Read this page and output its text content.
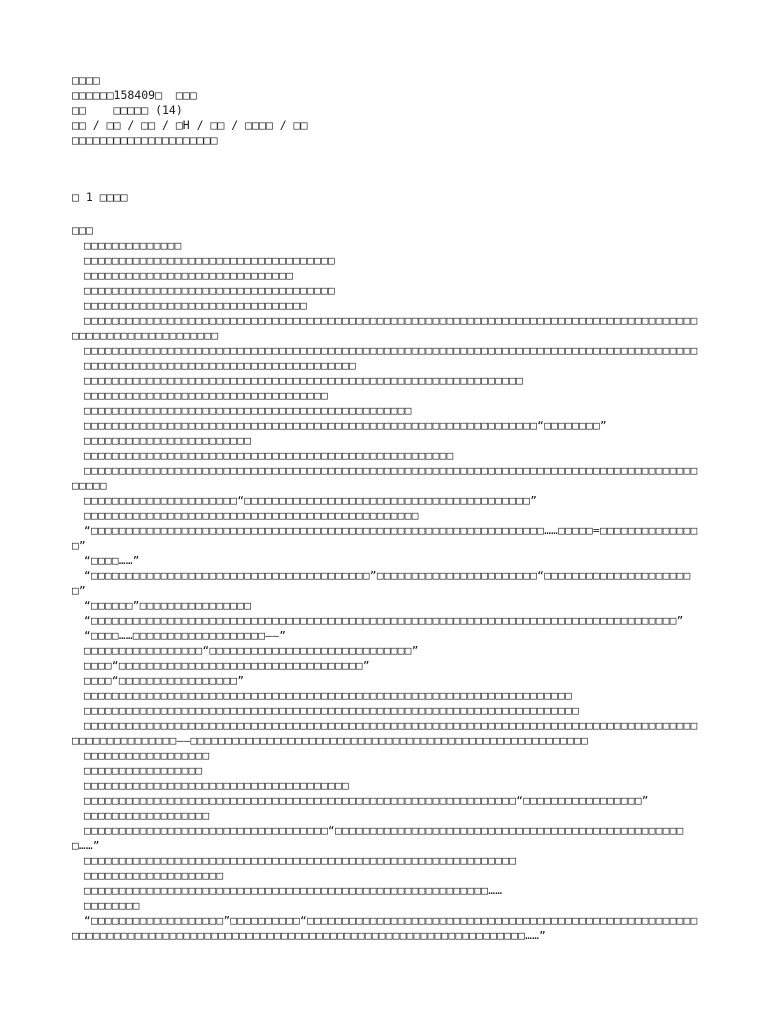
□□□□
□□□□□□158409□  □□□
□□    □□□□□ (14)
□□ / □□ / □□ / □H / □□ / □□□□ / □□
□□□□□□□□□□□□□□□□□□□□□
□ 1 □□□□
□□□
□□□□□□□□□□□□□□
□□□□□□□□□□□□□□□□□□□□□□□□□□□□□□□□□□□□
□□□□□□□□□□□□□□□□□□□□□□□□□□□□□□
□□□□□□□□□□□□□□□□□□□□□□□□□□□□□□□□□□□□
□□□□□□□□□□□□□□□□□□□□□□□□□□□□□□□□
□□□□□□□□□□□□□□□□□□□□□□□□□□□□□□□□□□□□□□□□□□□□□□□□□□□□□□□□□□□□□□□□□□□□□□□□□□□□□□□□□□□□□□□□□□□□□□□□□□□□□□□□□□□□□
□□□□□□□□□□□□□□□□□□□□□□□□□□□□□□□□□□□□□□□□□□□□□□□□□□□□□□□□□□□□□□□□□□□□□□□□□□□□□□□□□□□□□□□□
□□□□□□□□□□□□□□□□□□□□□□□□□□□□□□□□□□□□□□□
□□□□□□□□□□□□□□□□□□□□□□□□□□□□□□□□□□□□□□□□□□□□□□□□□□□□□□□□□□□□□□□
□□□□□□□□□□□□□□□□□□□□□□□□□□□□□□□□□□□
□□□□□□□□□□□□□□□□□□□□□□□□□□□□□□□□□□□□□□□□□□□□□□□
□□□□□□□□□□□□□□□□□□□□□□□□□□□□□□□□□□□□□□□□□□□□□□□□□□□□□□□□□□□□□□□□□“□□□□□□□□”
□□□□□□□□□□□□□□□□□□□□□□□□
□□□□□□□□□□□□□□□□□□□□□□□□□□□□□□□□□□□□□□□□□□□□□□□□□□□□□
□□□□□□□□□□□□□□□□□□□□□□□□□□□□□□□□□□□□□□□□□□□□□□□□□□□□□□□□□□□□□□□□□□□□□□□□□□□□□□□□□□□□□□□□□□□□□
□□□□□□□□□□□□□□□□□□□□□□“□□□□□□□□□□□□□□□□□□□□□□□□□□□□□□□□□□□□□□□□□”
□□□□□□□□□□□□□□□□□□□□□□□□□□□□□□□□□□□□□□□□□□□□□□□□
“□□□□□□□□□□□□□□□□□□□□□□□□□□□□□□□□□□□□□□□□□□□□□□□□□□□□□□□□□□□□□□□□□……□□□□□=□□□□□□□□□□□□□□□”
“□□□□……”
“□□□□□□□□□□□□□□□□□□□□□□□□□□□□□□□□□□□□□□□□”□□□□□□□□□□□□□□□□□□□□□□□“□□□□□□□□□□□□□□□□□□□□□□”
“□□□□□□”□□□□□□□□□□□□□□□□
“□□□□□□□□□□□□□□□□□□□□□□□□□□□□□□□□□□□□□□□□□□□□□□□□□□□□□□□□□□□□□□□□□□□□□□□□□□□□□□□□□□□□”
“□□□□……□□□□□□□□□□□□□□□□□□□——”
□□□□□□□□□□□□□□□□□“□□□□□□□□□□□□□□□□□□□□□□□□□□□□□”
□□□□“□□□□□□□□□□□□□□□□□□□□□□□□□□□□□□□□□□□”
□□□□“□□□□□□□□□□□□□□□□□”
□□□□□□□□□□□□□□□□□□□□□□□□□□□□□□□□□□□□□□□□□□□□□□□□□□□□□□□□□□□□□□□□□□□□□□
□□□□□□□□□□□□□□□□□□□□□□□□□□□□□□□□□□□□□□□□□□□□□□□□□□□□□□□□□□□□□□□□□□□□□□□
□□□□□□□□□□□□□□□□□□□□□□□□□□□□□□□□□□□□□□□□□□□□□□□□□□□□□□□□□□□□□□□□□□□□□□□□□□□□□□□□□□□□□□□□□□□□□□□□□□□□□□□——□□□□□□□□□□□□□□□□□□□□□□□□□□□□□□□□□□□□□□□□□□□□□□□□□□□□□□□□□
□□□□□□□□□□□□□□□□□□
□□□□□□□□□□□□□□□□□
□□□□□□□□□□□□□□□□□□□□□□□□□□□□□□□□□□□□□□
□□□□□□□□□□□□□□□□□□□□□□□□□□□□□□□□□□□□□□□□□□□□□□□□□□□□□□□□□□□□□□“□□□□□□□□□□□□□□□□□”
□□□□□□□□□□□□□□□□□□
□□□□□□□□□□□□□□□□□□□□□□□□□□□□□□□□□□□“□□□□□□□□□□□□□□□□□□□□□□□□□□□□□□□□□□□□□□□□□□□□□□□□□□□……”
□□□□□□□□□□□□□□□□□□□□□□□□□□□□□□□□□□□□□□□□□□□□□□□□□□□□□□□□□□□□□□
□□□□□□□□□□□□□□□□□□□□
□□□□□□□□□□□□□□□□□□□□□□□□□□□□□□□□□□□□□□□□□□□□□□□□□□□□□□□□□□……
□□□□□□□□
“□□□□□□□□□□□□□□□□□□□”□□□□□□□□□□“□□□□□□□□□□□□□□□□□□□□□□□□□□□□□□□□□□□□□□□□□□□□□□□□□□□□□□□□□□□□□□□□□□□□□□□□□□□□□□□□□□□□□□□□□□□□□□□□□□□□□□□□□□□□□□□□□□□□□□□□□……”
